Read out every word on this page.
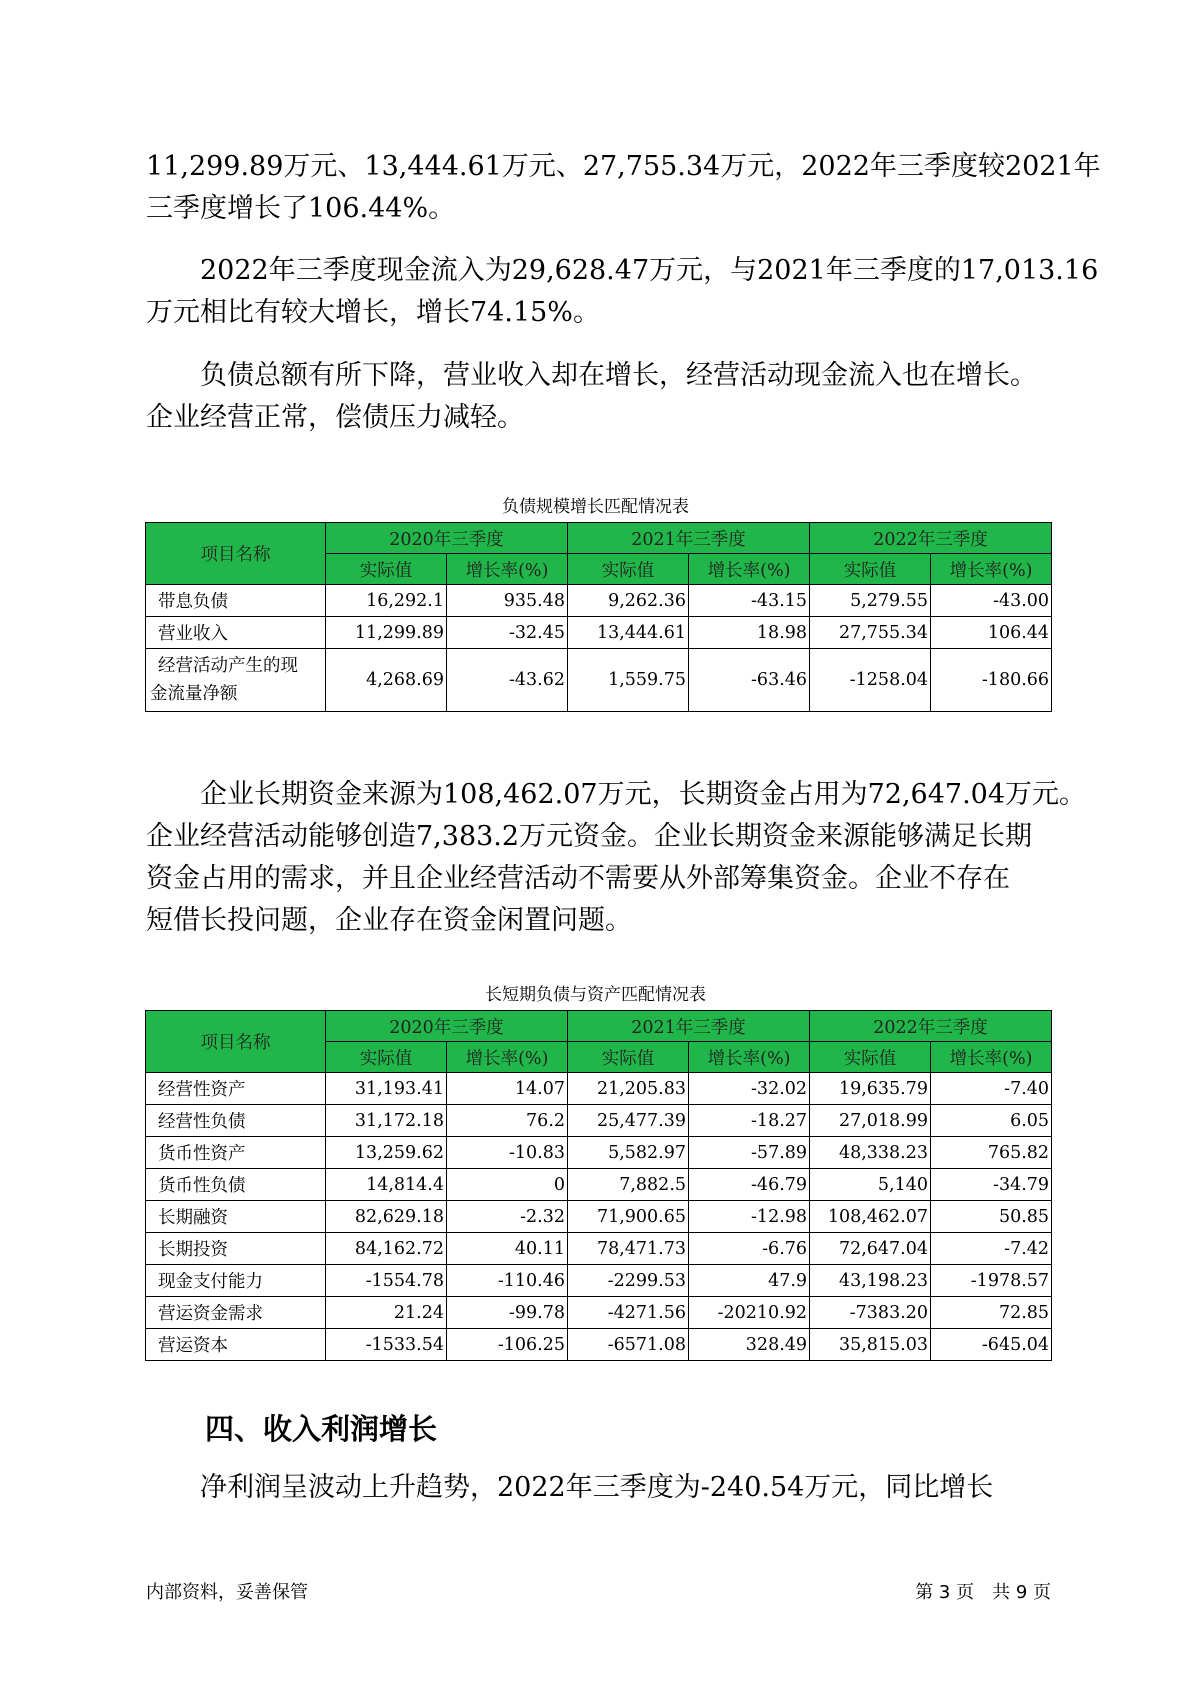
11,299.89万元、13,444.61万元、27,755.34万元，2022年三季度较2021年
三季度增长了106.44%。

　　2022年三季度现金流入为29,628.47万元，与2021年三季度的17,013.16
万元相比有较大增长，增长74.15%。

　　负债总额有所下降，营业收入却在增长，经营活动现金流入也在增长。
企业经营正常，偿债压力减轻。

负债规模增长匹配情况表
项目名称	2020年三季度		2021年三季度		2022年三季度	
	实际值	增长率(%)	实际值	增长率(%)	实际值	增长率(%)
带息负债	16,292.1	935.48	9,262.36	-43.15	5,279.55	-43.00
营业收入	11,299.89	-32.45	13,444.61	18.98	27,755.34	106.44

经营活动产生的现
金流量净额	4,268.69	-43.62	1,559.75	-63.46	-1258.04	-180.66

　　企业长期资金来源为108,462.07万元，长期资金占用为72,647.04万元。
企业经营活动能够创造7,383.2万元资金。企业长期资金来源能够满足长期
资金占用的需求，并且企业经营活动不需要从外部筹集资金。企业不存在
短借长投问题，企业存在资金闲置问题。

长短期负债与资产匹配情况表
项目名称	2020年三季度		2021年三季度		2022年三季度	
	实际值	增长率(%)	实际值	增长率(%)	实际值	增长率(%)
经营性资产	31,193.41	14.07	21,205.83	-32.02	19,635.79	-7.40
经营性负债	31,172.18	76.2	25,477.39	-18.27	27,018.99	6.05
货币性资产	13,259.62	-10.83	5,582.97	-57.89	48,338.23	765.82
货币性负债	14,814.4	0	7,882.5	-46.79	5,140	-34.79
长期融资	82,629.18	-2.32	71,900.65	-12.98	108,462.07	50.85
长期投资	84,162.72	40.11	78,471.73	-6.76	72,647.04	-7.42
现金支付能力	-1554.78	-110.46	-2299.53	47.9	43,198.23	-1978.57
营运资金需求	21.24	-99.78	-4271.56	-20210.92	-7383.20	72.85
营运资本	-1533.54	-106.25	-6571.08	328.49	35,815.03	-645.04
四、收入利润增长

　　净利润呈波动上升趋势，2022年三季度为-240.54万元，同比增长

内部资料，妥善保管	第 3 页　共 9 页
